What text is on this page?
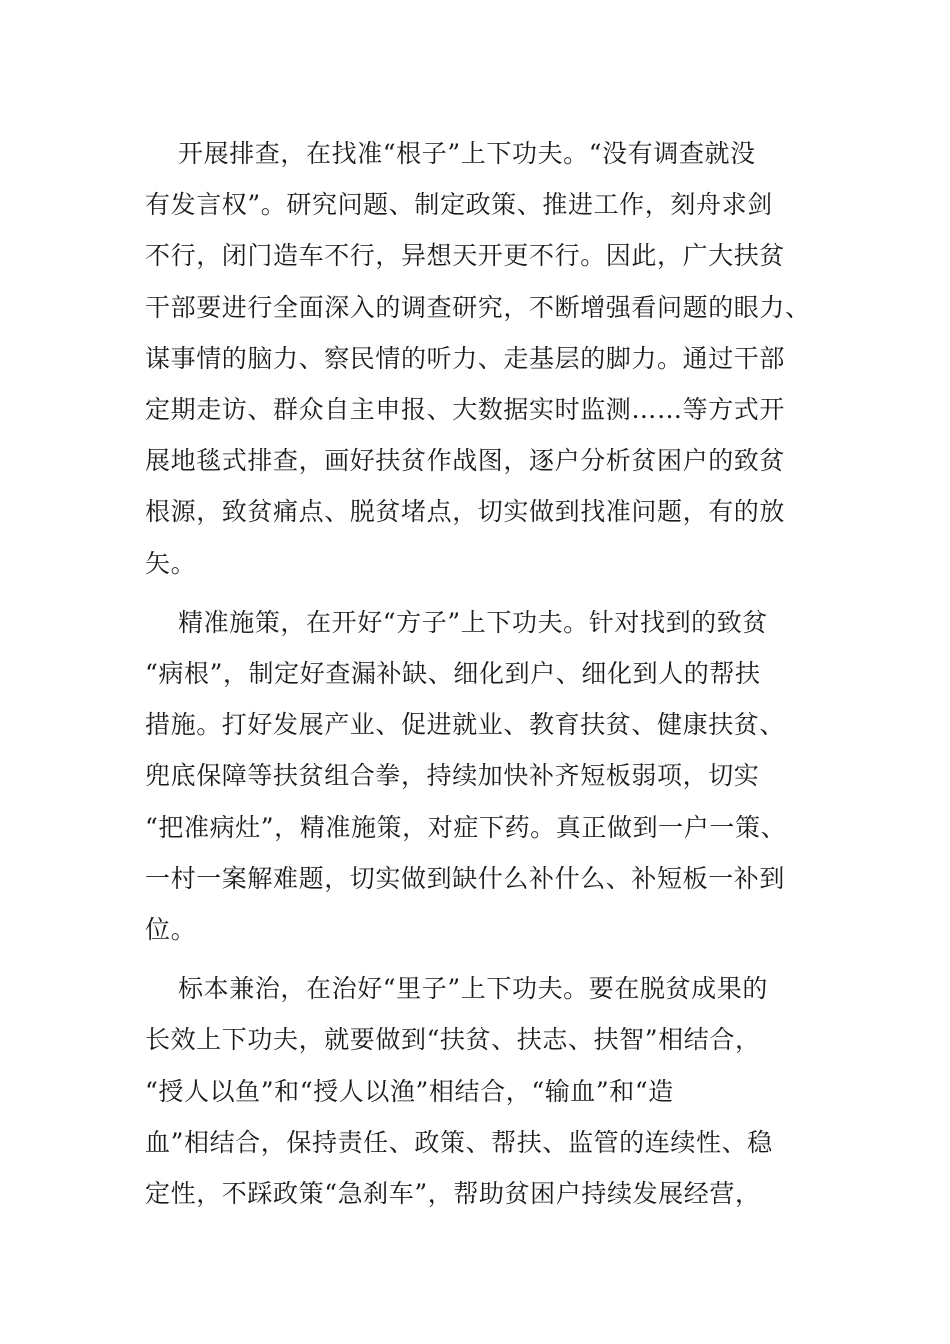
开展排查，在找准“根子”上下功夫。“没有调查就没
有发言权”。研究问题、制定政策、推进工作，刻舟求剑
不行，闭门造车不行，异想天开更不行。因此，广大扶贫
干部要进行全面深入的调查研究，不断增强看问题的眼力、
谋事情的脑力、察民情的听力、走基层的脚力。通过干部
定期走访、群众自主申报、大数据实时监测……等方式开
展地毯式排查，画好扶贫作战图，逐户分析贫困户的致贫
根源，致贫痛点、脱贫堵点，切实做到找准问题，有的放
矢。

精准施策，在开好“方子”上下功夫。针对找到的致贫
“病根”，制定好查漏补缺、细化到户、细化到人的帮扶
措施。打好发展产业、促进就业、教育扶贫、健康扶贫、
兜底保障等扶贫组合拳，持续加快补齐短板弱项，切实
“把准病灶”，精准施策，对症下药。真正做到一户一策、
一村一案解难题，切实做到缺什么补什么、补短板一补到
位。

标本兼治，在治好“里子”上下功夫。要在脱贫成果的
长效上下功夫，就要做到“扶贫、扶志、扶智”相结合，
“授人以鱼”和“授人以渔”相结合，“输血”和“造
血”相结合，保持责任、政策、帮扶、监管的连续性、稳
定性，不踩政策“急刹车”，帮助贫困户持续发展经营，
